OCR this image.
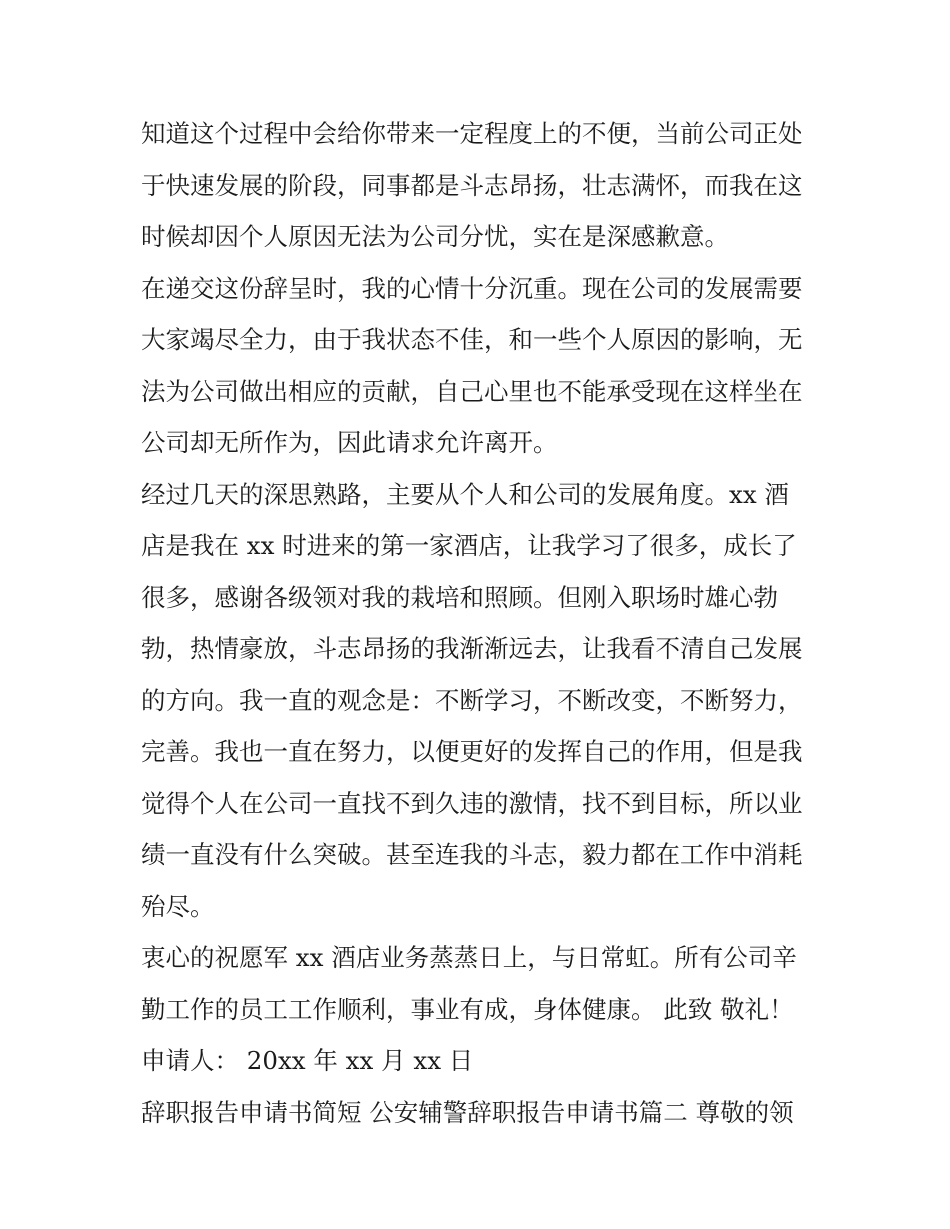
知道这个过程中会给你带来一定程度上的不便，当前公司正处
于快速发展的阶段，同事都是斗志昂扬，壮志满怀，而我在这
时候却因个人原因无法为公司分忧，实在是深感歉意。
在递交这份辞呈时，我的心情十分沉重。现在公司的发展需要
大家竭尽全力，由于我状态不佳，和一些个人原因的影响，无
法为公司做出相应的贡献，自己心里也不能承受现在这样坐在
公司却无所作为，因此请求允许离开。
经过几天的深思熟路，主要从个人和公司的发展角度。xx 酒
店是我在 xx 时进来的第一家酒店，让我学习了很多，成长了
很多，感谢各级领对我的栽培和照顾。但刚入职场时雄心勃
勃，热情豪放，斗志昂扬的我渐渐远去，让我看不清自己发展
的方向。我一直的观念是：不断学习，不断改变，不断努力，
完善。我也一直在努力，以便更好的发挥自己的作用，但是我
觉得个人在公司一直找不到久违的激情，找不到目标，所以业
绩一直没有什么突破。甚至连我的斗志，毅力都在工作中消耗
殆尽。
衷心的祝愿军 xx 酒店业务蒸蒸日上，与日常虹。所有公司辛
勤工作的员工工作顺利，事业有成，身体健康。 此致 敬礼！
申请人： 20xx 年 xx 月 xx 日
辞职报告申请书简短 公安辅警辞职报告申请书篇二 尊敬的领
